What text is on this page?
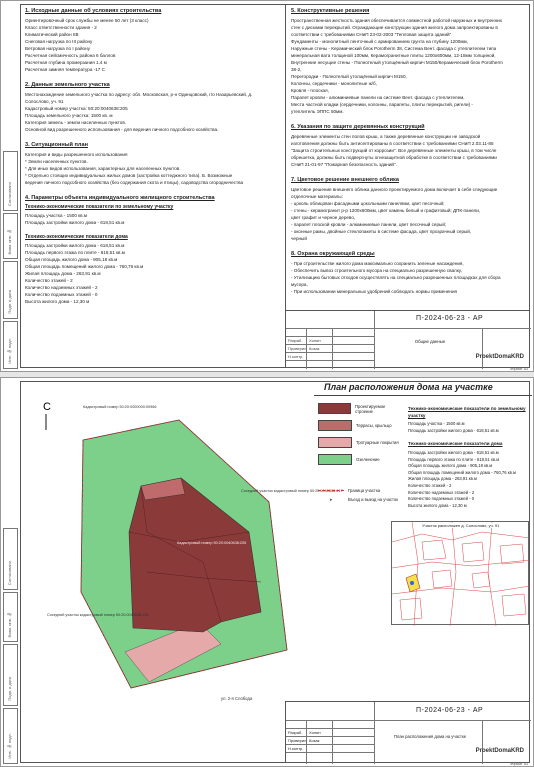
Согласовано
Взам. инв. №
Подп. и дата
Инв. № подл.
1. Исходные данные об условиях строительства

Ориентировочный срок службы не менее 50 лет (3 класс)

Класс ответственности здания - 2

Климатический район IIВ

Снеговая нагрузка по III району

Ветровая нагрузка по I району

Расчетная сейсмичность района 6 баллов

Расчетная глубина промерзания 1.4 м

Расчетная зимняя температура -17 С

2. Данные земельного участка

Местонахождение земельного участка по адресу: обл. Московская, р-н Одинцовский, г/о Назарьевский, д.

Солослово, уч. 91

Кадастровый номер участка: 50:20:0040638:205

Площадь земельного участка: 1500 кв. м

Категория земель - земли населенных пунктов.

Основной вид разрешенного использования - для ведения личного подсобного хозяйства.

3. Ситуационный план

Категория и виды разрешенного использования

* Земли населенных пунктов.

* Для иных видов использования, характерных для населенных пунктов.

* Отдельно стоящих индивидуальных жилых домов (застройка коттеджного типа). Б. Возможные

ведения личного подсобного хозяйства (без содержания скота и птицы), садоводства огородничества

4. Параметры объекта индивидуального жилищного строительства
Технико-экономические показатели по земельному участку

Площадь участка - 1500 кв.м

Площадь застройки жилого дома - 618,51 кв.м

Технико-экономические показатели дома

Площадь застройки жилого дома - 618,51 кв.м

Площадь первого этажа по плите - 618,51 кв.м

Общая площадь жилого дома - 905,18 кв.м

Общая площадь помещений жилого дома - 760,76 кв.м

Жилая площадь дома - 263,91 кв.м

Количество этажей - 2

Количество надземных этажей - 2

Количество подземных этажей - 0

Высота жилого дома - 12,30 м

5. Конструктивные решения

Пространственная жесткость здания обеспечивается совместной работой наружных и внутренних

стен с дисками перекрытий. Ограждающие конструкции здания жилого дома запроектированы в

соответствии с требованиями СНиП 23-02-2003 "Тепловая защита зданий"

Фундаменты - монолитный ленточный с армированием грунта на глубину 1200мм,

Наружные стены - Керамический блок Porotherm 38, Система Вент. фасада с утеплителем типа

минеральная вата толщиной 100мм, Керамогранитные плиты 1200х600мм, 12-18мм толщиной,

Внутренние несущие стены - Полнотелый утолщённый кирпич М150/Керамический блок Porotherm

38-2,

Перегородки - Полнотелый утолщённый кирпич М150,

Колонны, сердечники - монолитные ж/б,

Кровля - плоская,

Парапет кровли - алюминиевые панели на системе Вент. фасада с утеплителем,

Места частной кладки (сердечники, колонны, парапеты, плиты перекрытий, ригели) -

утеплитель ЭППС 50мм.

6. Указания по защите деревянных конструкций

Деревянные элементы стен полов крыш, а также деревянные конструкции не заводской

изготовления должны быть антисептированы в соответствии с требованиями СНиП 2.03.11-85

"Защита строительных конструкций от коррозии". Все деревянные элементы крыш, в том числе

обрешетка, должны быть подвергнуты огнезащитной обработке в соответствии с требованиями

СНиП 21-01-97 "Пожарная безопасность зданий".

7. Цветовое решение внешнего облика

Цветовое решение внешнего облика данного проектируемого дома включает в себя следующие

отделочные материалы:

- цоколь облицован фасадными цокольными панелями, цвет песочный;

- стены - керамогранит р-р 1200х600мм, цвет камень белый и графитовый; ДПК-панели,

цвет графит и черное дерево,

- парапет плоской кровли - алюминиевые панели, цвет песочный серый;

- оконные рамы, двойные стеклопакеты в системе фасада, цвет прозрачный серый,

черный

8. Охрана окружающей среды

- При строительстве жилого дома максимально сохранить зеленые насаждения,

- Обеспечить вывоз строительного мусора на специально разрешенную свалку,

- Утилизацию бытовых отходов осуществлять на специально разрешенных площадках для сбора

мусора,

- При использовании минеральных удобрений соблюдать нормы применения

Разраб.
Проверил
Н.контр.
Холин
Козак
П-2024-06-23 - АР
Общие данные
ProektDomaKRD
Формат А3
Согласовано
Взам. инв. №
Подп. и дата
Инв. № подл.
С	Кадастровый номер 50:20:0000000:00966
Кадастровый номер 50:20:0040638:205
Соседний участок кадастровый номер 50:20:0040638:617
Соседний участок кадастровый номер 50:20:0040638:230
ул. 2-я Слобода
План расположения дома на участке
Проектируемое строение
Террасы, крыльцо
Тротуарные покрытия
Озеленение
Граница участка
➤	Въезд и выезд на участок
Технико-экономические показатели по земельному участку

Площадь участка - 1500 кв.м

Площадь застройки жилого дома - 618,51 кв.м

Технико-экономические показатели дома

Площадь застройки жилого дома - 618,51 кв.м

Площадь первого этажа по плите - 618,51 кв.м

Общая площадь жилого дома - 905,18 кв.м

Общая площадь помещений жилого дома - 760,76 кв.м

Жилая площадь дома - 263,91 кв.м

Количество этажей - 2

Количество надземных этажей - 2

Количество подземных этажей - 0

Высота жилого дома - 12,30 м

Участок расположен д. Солослово, уч. 91
Разраб.
Проверил
Н.контр.
Холин
Козак
П-2024-06-23 - АР
План расположения дома на участке
ProektDomaKRD
Формат А3
